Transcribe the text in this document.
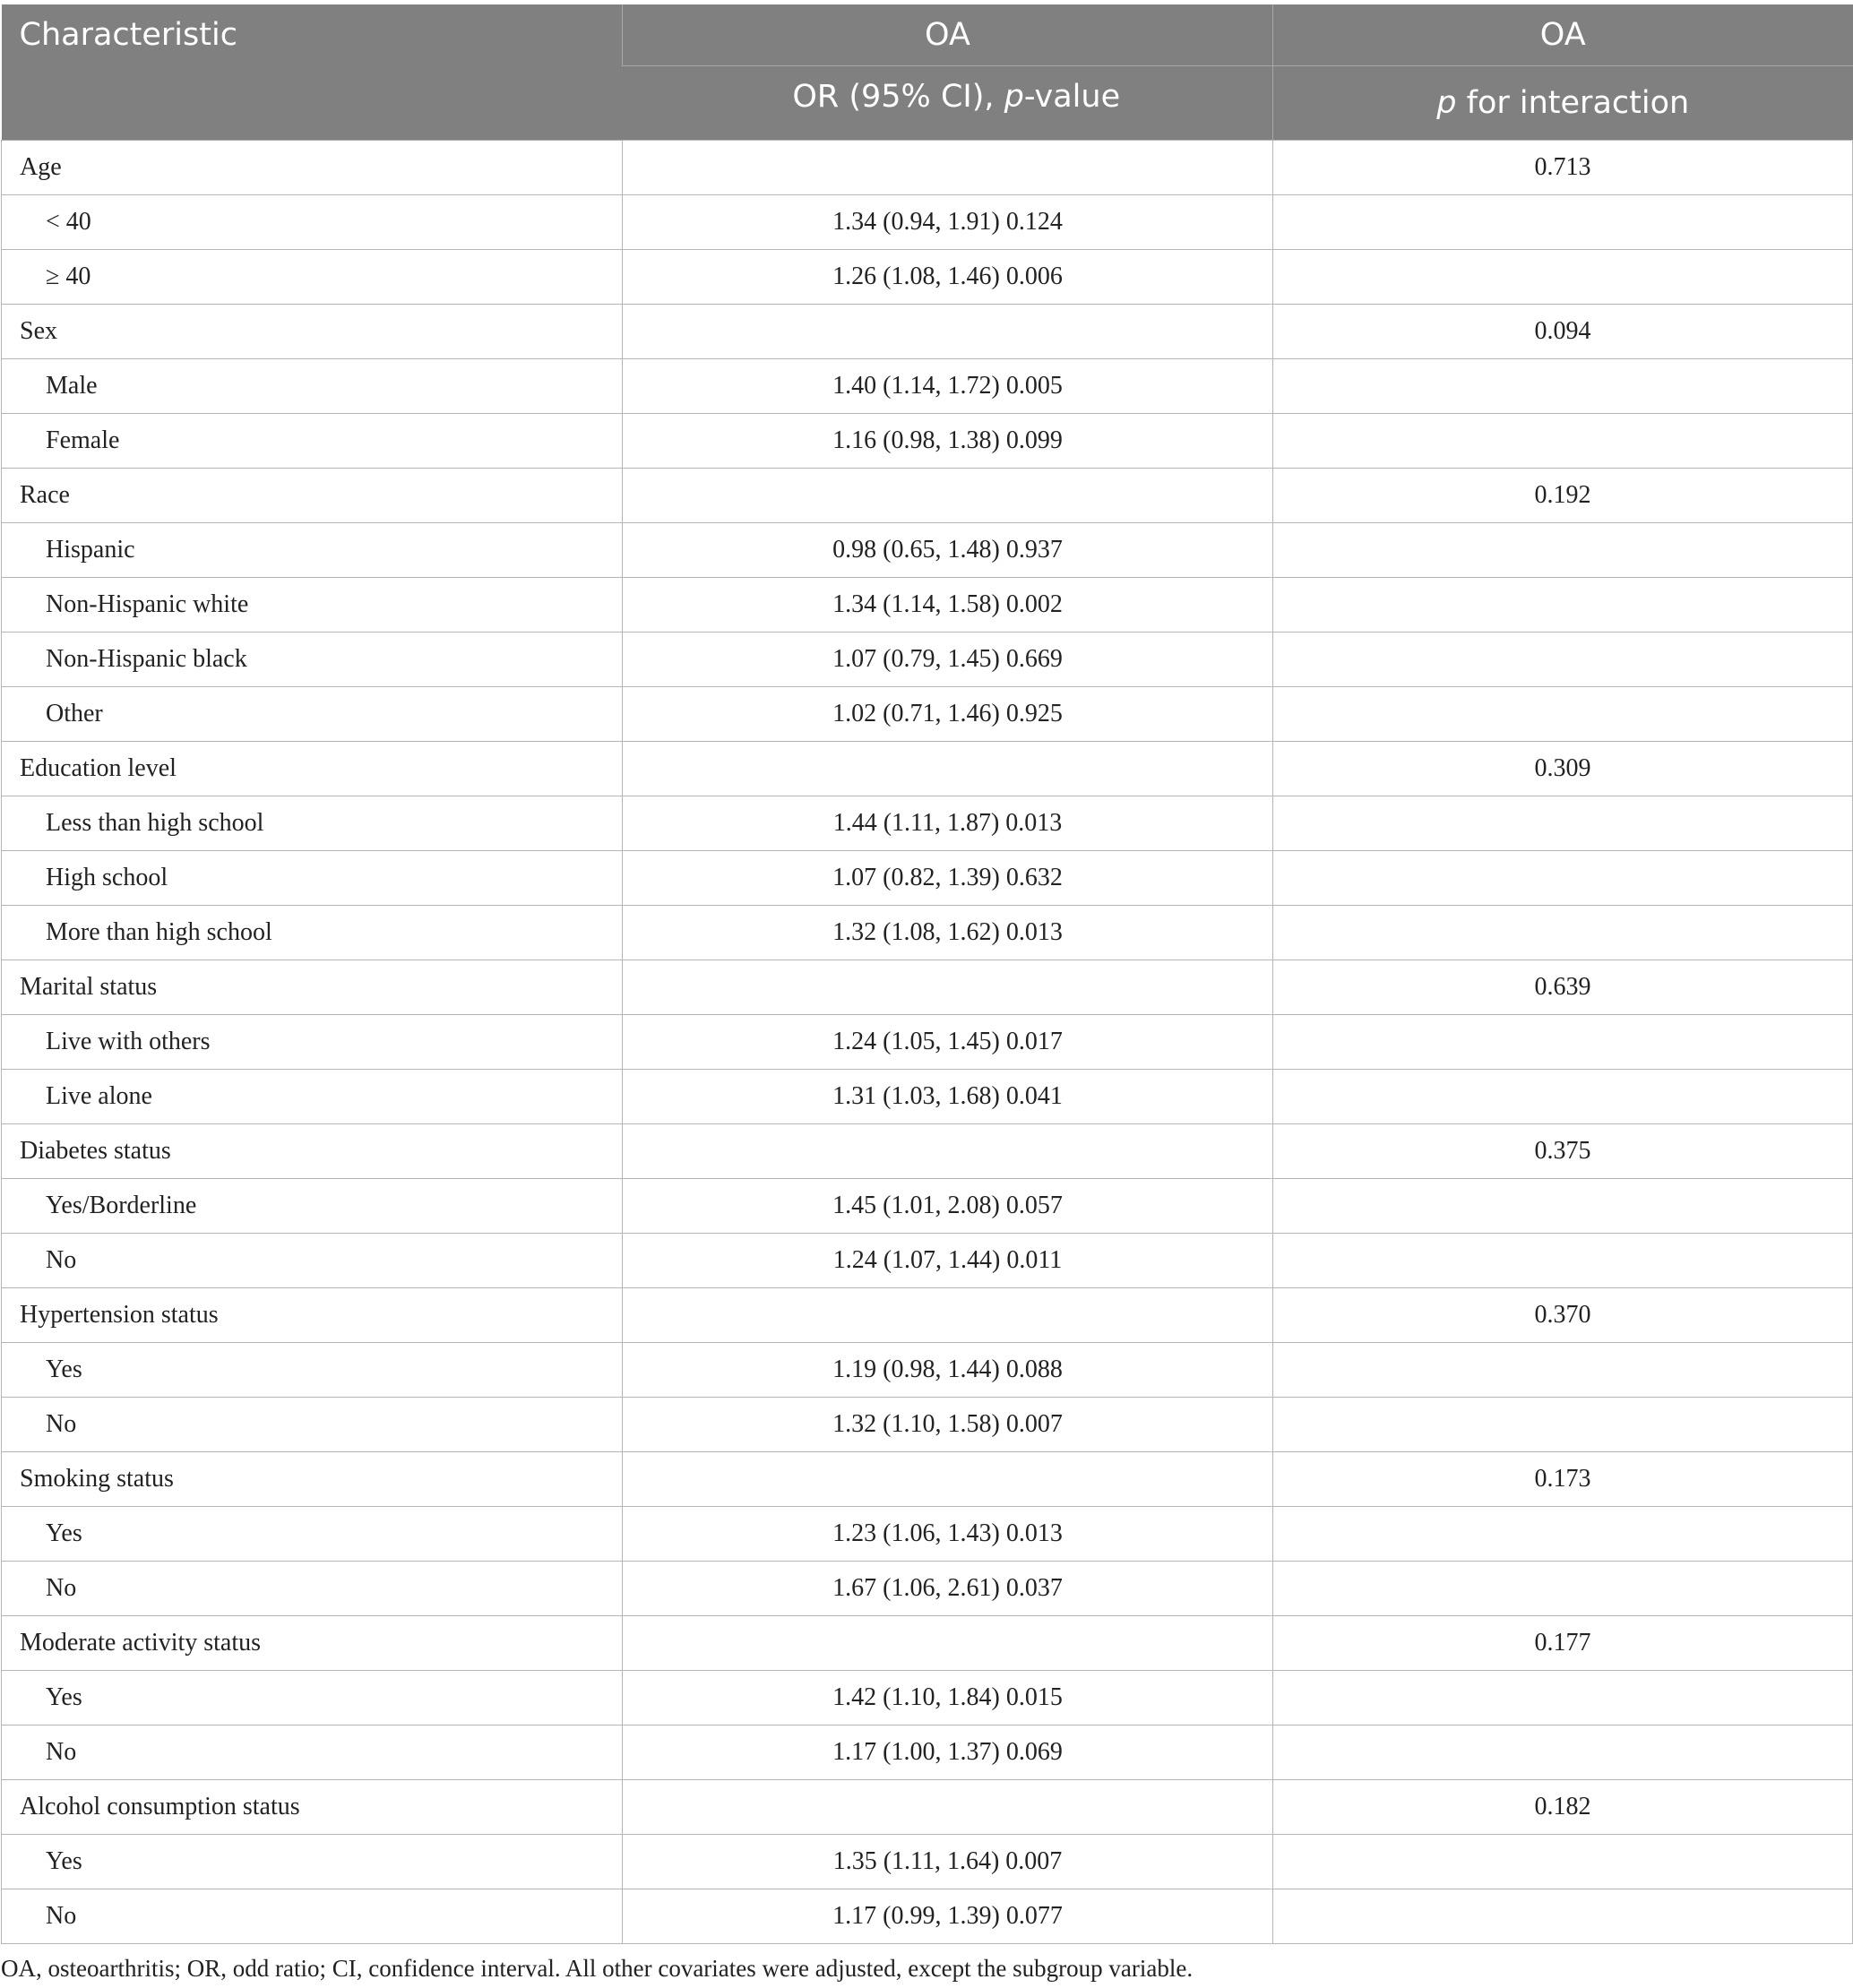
Characteristic	OA	OA
	OR (95% CI), p-value	p for interaction
Age		0.713
< 40	1.34 (0.94, 1.91) 0.124	
≥ 40	1.26 (1.08, 1.46) 0.006	
Sex		0.094
Male	1.40 (1.14, 1.72) 0.005	
Female	1.16 (0.98, 1.38) 0.099	
Race		0.192
Hispanic	0.98 (0.65, 1.48) 0.937	
Non-Hispanic white	1.34 (1.14, 1.58) 0.002	
Non-Hispanic black	1.07 (0.79, 1.45) 0.669	
Other	1.02 (0.71, 1.46) 0.925	
Education level		0.309
Less than high school	1.44 (1.11, 1.87) 0.013	
High school	1.07 (0.82, 1.39) 0.632	
More than high school	1.32 (1.08, 1.62) 0.013	
Marital status		0.639
Live with others	1.24 (1.05, 1.45) 0.017	
Live alone	1.31 (1.03, 1.68) 0.041	
Diabetes status		0.375
Yes/Borderline	1.45 (1.01, 2.08) 0.057	
No	1.24 (1.07, 1.44) 0.011	
Hypertension status		0.370
Yes	1.19 (0.98, 1.44) 0.088	
No	1.32 (1.10, 1.58) 0.007	
Smoking status		0.173
Yes	1.23 (1.06, 1.43) 0.013	
No	1.67 (1.06, 2.61) 0.037	
Moderate activity status		0.177
Yes	1.42 (1.10, 1.84) 0.015	
No	1.17 (1.00, 1.37) 0.069	
Alcohol consumption status		0.182
Yes	1.35 (1.11, 1.64) 0.007	
No	1.17 (0.99, 1.39) 0.077	
OA, osteoarthritis; OR, odd ratio; CI, confidence interval. All other covariates were adjusted, except the subgroup variable.
